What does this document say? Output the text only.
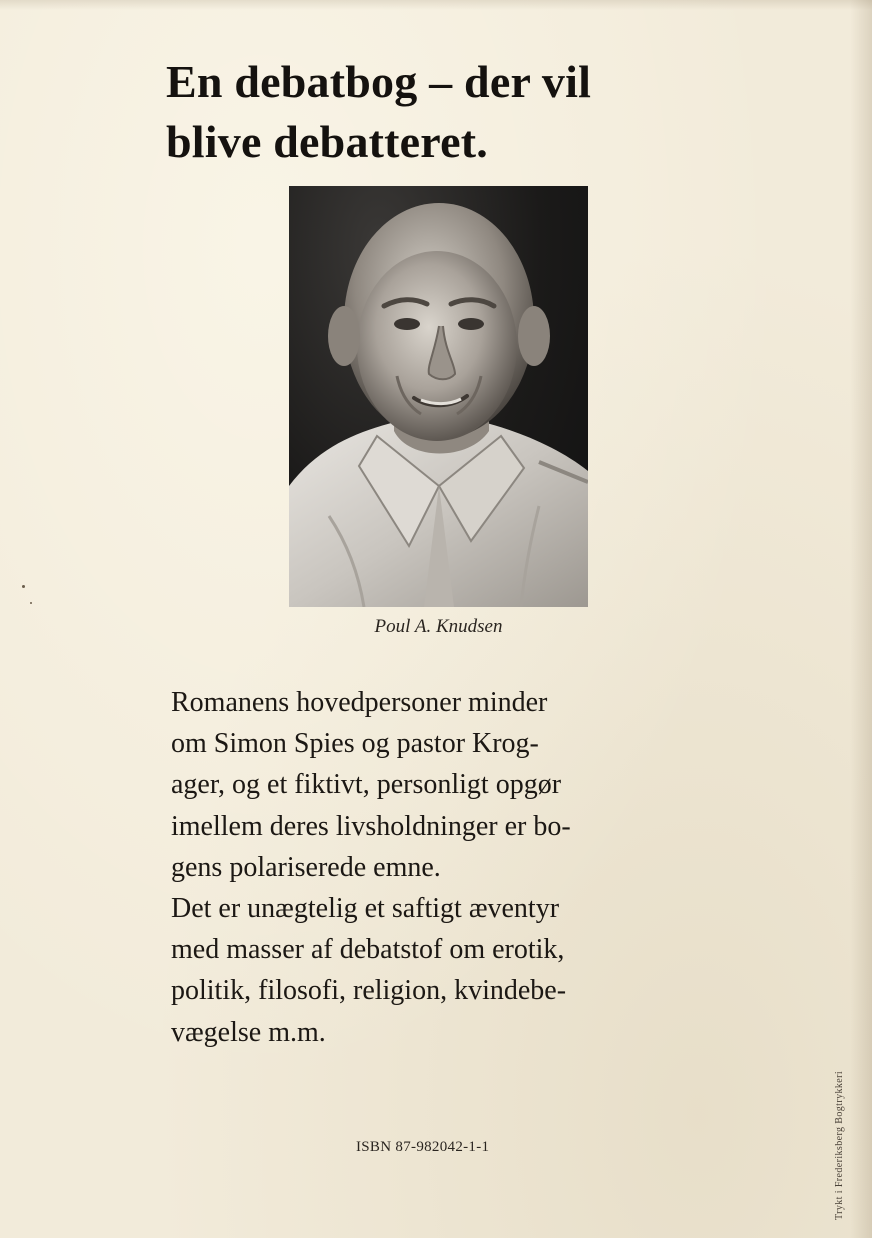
En debatbog – der vil
blive debatteret.
Poul A. Knudsen
Romanens hovedpersoner minder
om Simon Spies og pastor Krog-
ager, og et fiktivt, personligt opgør
imellem deres livsholdninger er bo-
gens polariserede emne.
Det er unægtelig et saftigt æventyr
med masser af debatstof om erotik,
politik, filosofi, religion, kvindebe-
vægelse m.m.
ISBN 87-982042-1-1	Trykt i Frederiksberg Bogtrykkeri
